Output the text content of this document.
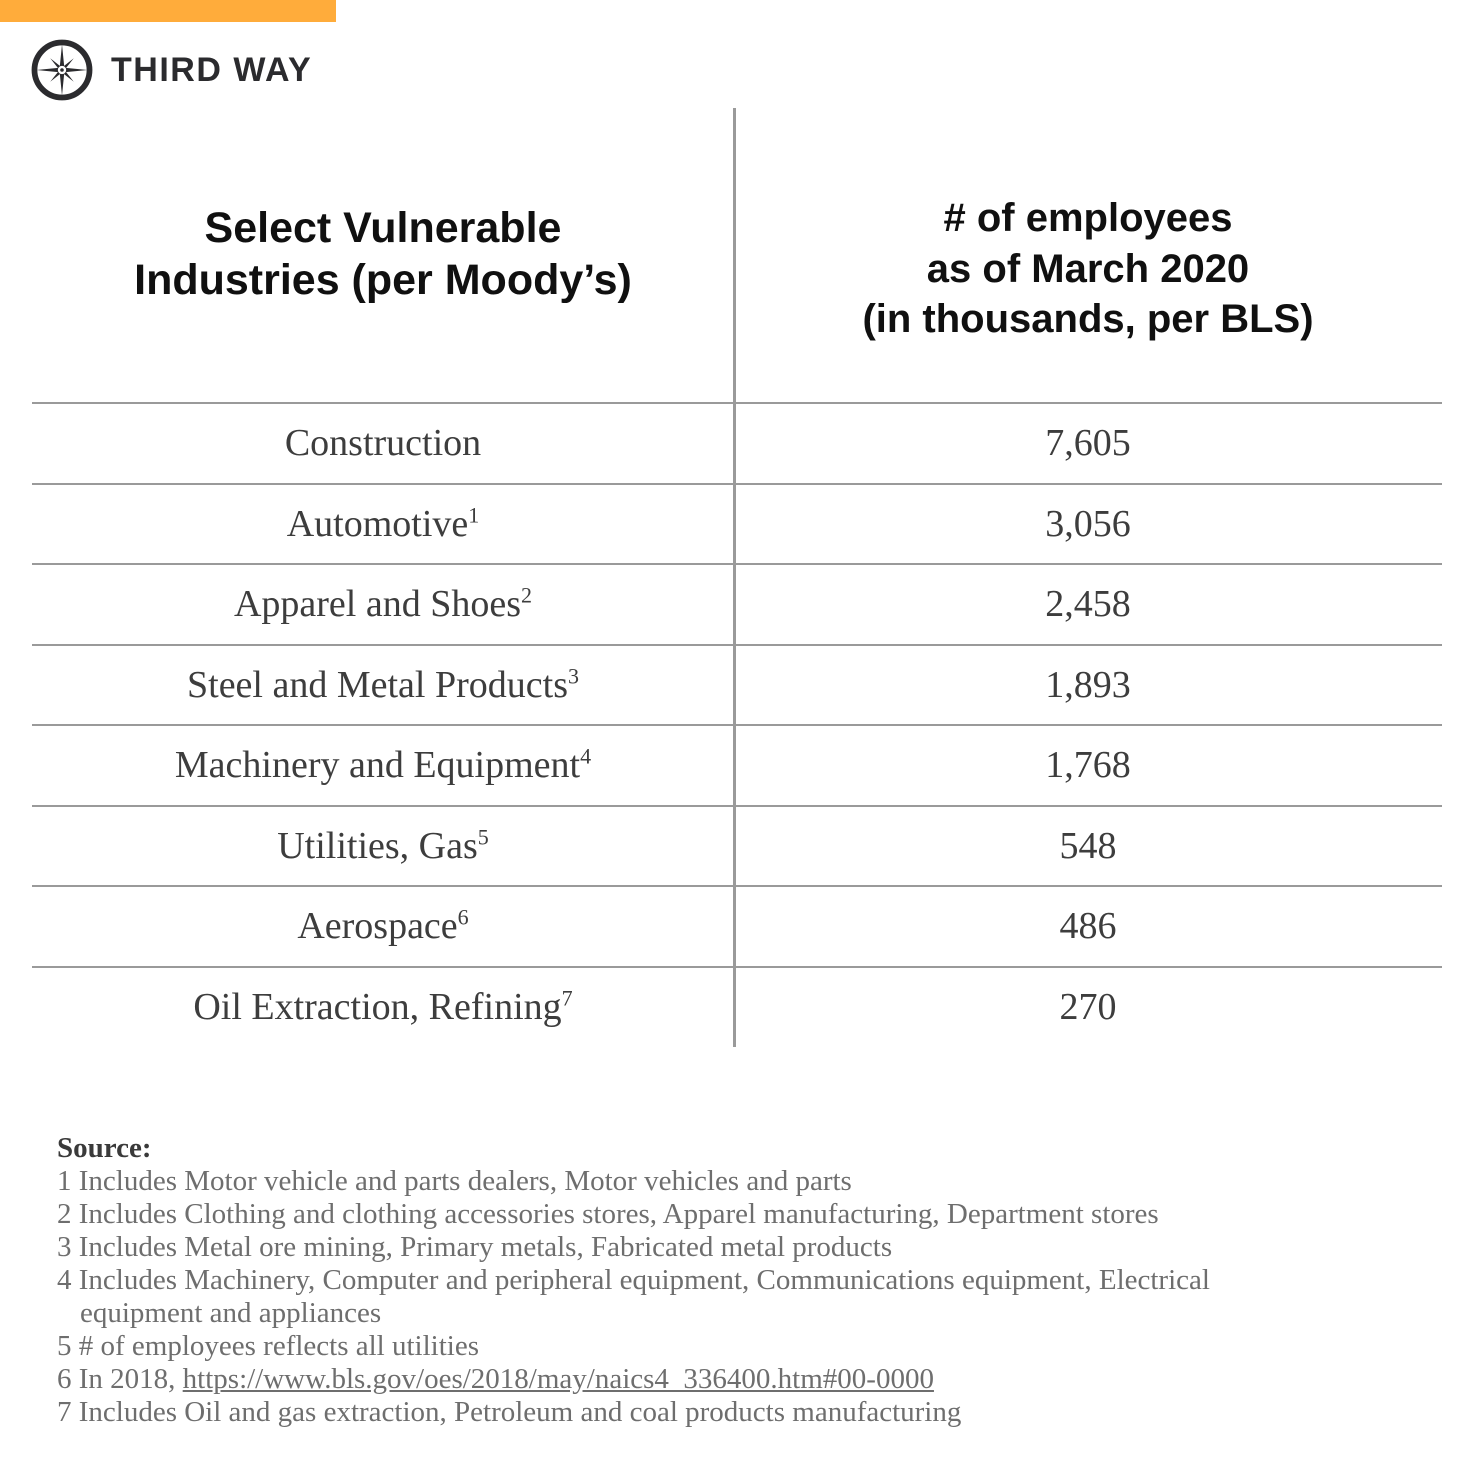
THIRD WAY
Select Vulnerable
Industries (per Moody’s)
# of employees
as of March 2020
(in thousands, per BLS)
Construction	7,605
Automotive$^1$	3,056
Apparel and Shoes$^2$	2,458
Steel and Metal Products$^3$	1,893
Machinery and Equipment$^4$	1,768
Utilities, Gas$^5$	548
Aerospace$^6$	486
Oil Extraction, Refining$^7$	270
Source:
1 Includes Motor vehicle and parts dealers, Motor vehicles and parts
2 Includes Clothing and clothing accessories stores, Apparel manufacturing, Department stores
3 Includes Metal ore mining, Primary metals, Fabricated metal products
4 Includes Machinery, Computer and peripheral equipment, Communications equipment, Electrical equipment and appliances
5 # of employees reflects all utilities
6 In 2018, https://www.bls.gov/oes/2018/may/naics4_336400.htm#00-0000
7 Includes Oil and gas extraction, Petroleum and coal products manufacturing
